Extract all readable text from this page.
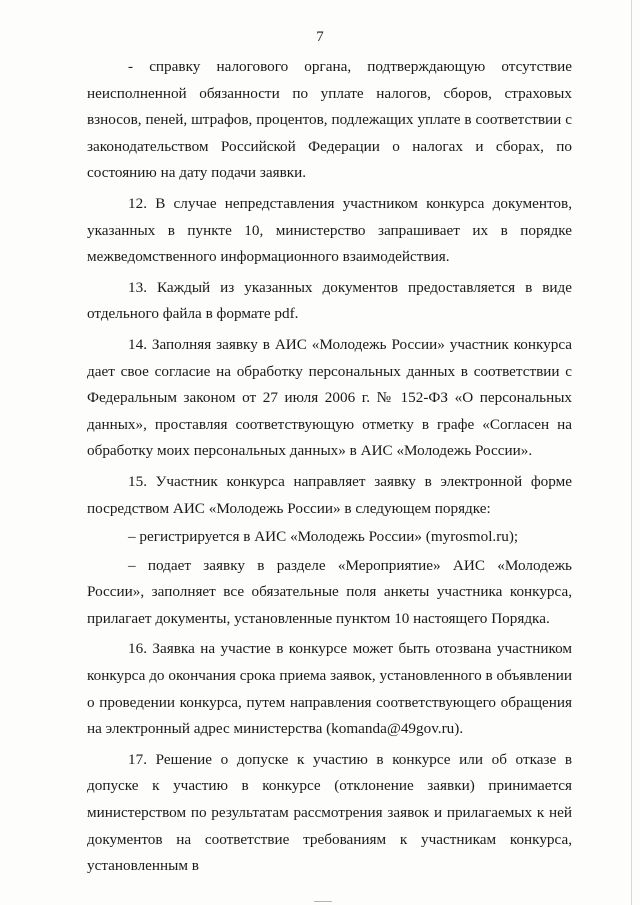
7

- справку налогового органа, подтверждающую отсутствие неисполненной обязанности по уплате налогов, сборов, страховых взносов, пеней, штрафов, процентов, подлежащих уплате в соответствии с законодательством Российской Федерации о налогах и сборах, по состоянию на дату подачи заявки.

12. В случае непредставления участником конкурса документов, указанных в пункте 10, министерство запрашивает их в порядке межведомственного информационного взаимодействия.

13. Каждый из указанных документов предоставляется в виде отдельного файла в формате pdf.

14. Заполняя заявку в АИС «Молодежь России» участник конкурса дает свое согласие на обработку персональных данных в соответствии с Федеральным законом от 27 июля 2006 г. № 152-ФЗ «О персональных данных», проставляя соответствующую отметку в графе «Согласен на обработку моих персональных данных» в АИС «Молодежь России».

15. Участник конкурса направляет заявку в электронной форме посредством АИС «Молодежь России» в следующем порядке:

– регистрируется в АИС «Молодежь России» (myrosmol.ru);

– подает заявку в разделе «Мероприятие» АИС «Молодежь России», заполняет все обязательные поля анкеты участника конкурса, прилагает документы, установленные пунктом 10 настоящего Порядка.

16. Заявка на участие в конкурсе может быть отозвана участником конкурса до окончания срока приема заявок, установленного в объявлении о проведении конкурса, путем направления соответствующего обращения на электронный адрес министерства (komanda@49gov.ru).

17. Решение о допуске к участию в конкурсе или об отказе в допуске к участию в конкурсе (отклонение заявки) принимается министерством по результатам рассмотрения заявок и прилагаемых к ней документов на соответствие требованиям к участникам конкурса, установленным в
